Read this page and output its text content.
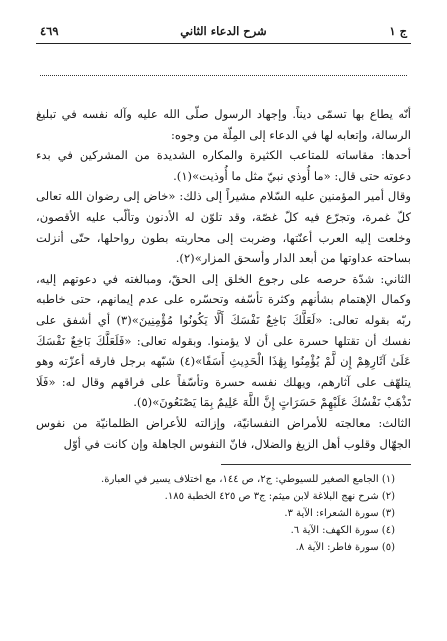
ج ١
شرح الدعاء الثاني
٤٦٩

أنّه يطاع بها تسمّى ديناً. وإجهاد الرسول صلّى الله عليه وآله نفسه في تبليغ الرسالة، وإتعابه لها في الدعاء إلى المِلّة من وجوه:

أحدها: مقاساته للمتاعب الكثيرة والمكاره الشديدة من المشركين في بدء دعوته حتى قال: «ما أُوذي نبيّ مثل ما أُوذيت»(١).

وقال أمير المؤمنين عليه السّلام مشيراً إلى ذلك: «خاض إلى رضوان الله تعالى كلّ غمرة، وتجرّع فيه كلّ غصّة، وقد تلوّن له الأدنون وتألّب عليه الأقصون، وخلعت إليه العرب أعنّتها، وضربت إلى محاربته بطون رواحلها، حتّى أنزلت بساحته عداوتها من أبعد الدار وأسحق المزار»(٢).

الثاني: شدّة حرصه على رجوع الخلق إلى الحقّ، ومبالغته في دعوتهم إليه، وكمال الإهتمام بشأنهم وكثرة تأسّفه وتحسّره على عدم إيمانهم، حتى خاطبه ربّه بقوله تعالى: «لَعَلَّكَ بَاخِعٌ نَفْسَكَ أَلَّا يَكُونُوا مُؤْمِنِينَ»(٣) أي أشفق على نفسك أن تقتلها حسرة على أن لا يؤمنوا. وبقوله تعالى: «فَلَعَلَّكَ بَاخِعٌ نَفْسَكَ عَلَىٰ آثَارِهِمْ إِن لَّمْ يُؤْمِنُوا بِهَٰذَا الْحَدِيثِ أَسَفًا»(٤) شبّهه برجل فارقه أعزّته وهو يتلهّف على آثارهم، ويهلك نفسه حسرة وتأسّفاً على فراقهم وقال له: «فَلَا تَذْهَبْ نَفْسُكَ عَلَيْهِمْ حَسَرَاتٍ إِنَّ اللَّهَ عَلِيمٌ بِمَا يَصْنَعُونَ»(٥).

الثالث: معالجته للأمراض النفسانيّة، وإزالته للأعراض الظلمانيّة من نفوس الجهّال وقلوب أهل الزيغ والضلال، فانّ النفوس الجاهلة وإن كانت في أوّل

(١) الجامع الصغير للسيوطي: ج٢، ص ١٤٤، مع اختلاف يسير في العبارة.
(٢) شرح نهج البلاغة لابن ميثم: ج٣ ص ٤٢٥ الخطبة ١٨٥.
(٣) سورة الشعراء: الآية ٣.
(٤) سورة الكهف: الآية ٦.
(٥) سورة فاطر: الآية ٨.
